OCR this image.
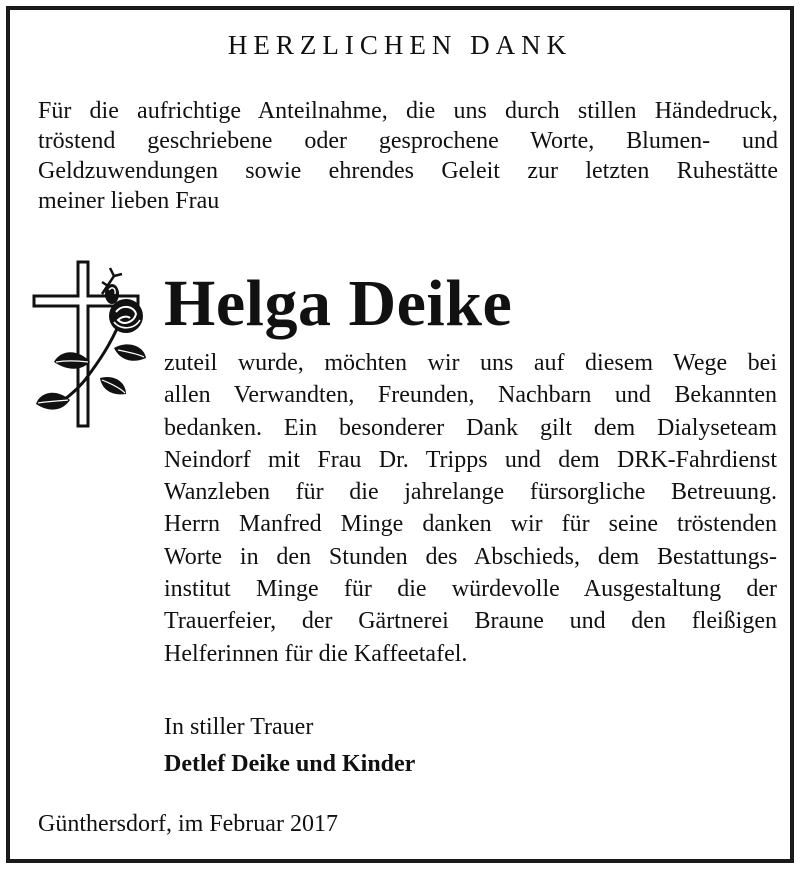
HERZLICHEN DANK
Für die aufrichtige Anteilnahme, die uns durch stillen Händedruck,
tröstend geschriebene oder gesprochene Worte, Blumen- und
Geldzuwendungen sowie ehrendes Geleit zur letzten Ruhestätte
meiner lieben Frau
Helga Deike
zuteil wurde, möchten wir uns auf diesem Wege bei
allen Verwandten, Freunden, Nachbarn und Bekannten
bedanken. Ein besonderer Dank gilt dem Dialyseteam
Neindorf mit Frau Dr. Tripps und dem DRK-Fahrdienst
Wanzleben für die jahrelange fürsorgliche Betreuung.
Herrn Manfred Minge danken wir für seine tröstenden
Worte in den Stunden des Abschieds, dem Bestattungs-
institut Minge für die würdevolle Ausgestaltung der
Trauerfeier, der Gärtnerei Braune und den fleißigen
Helferinnen für die Kaffeetafel.
In stiller Trauer
Detlef Deike und Kinder
Günthersdorf, im Februar 2017
